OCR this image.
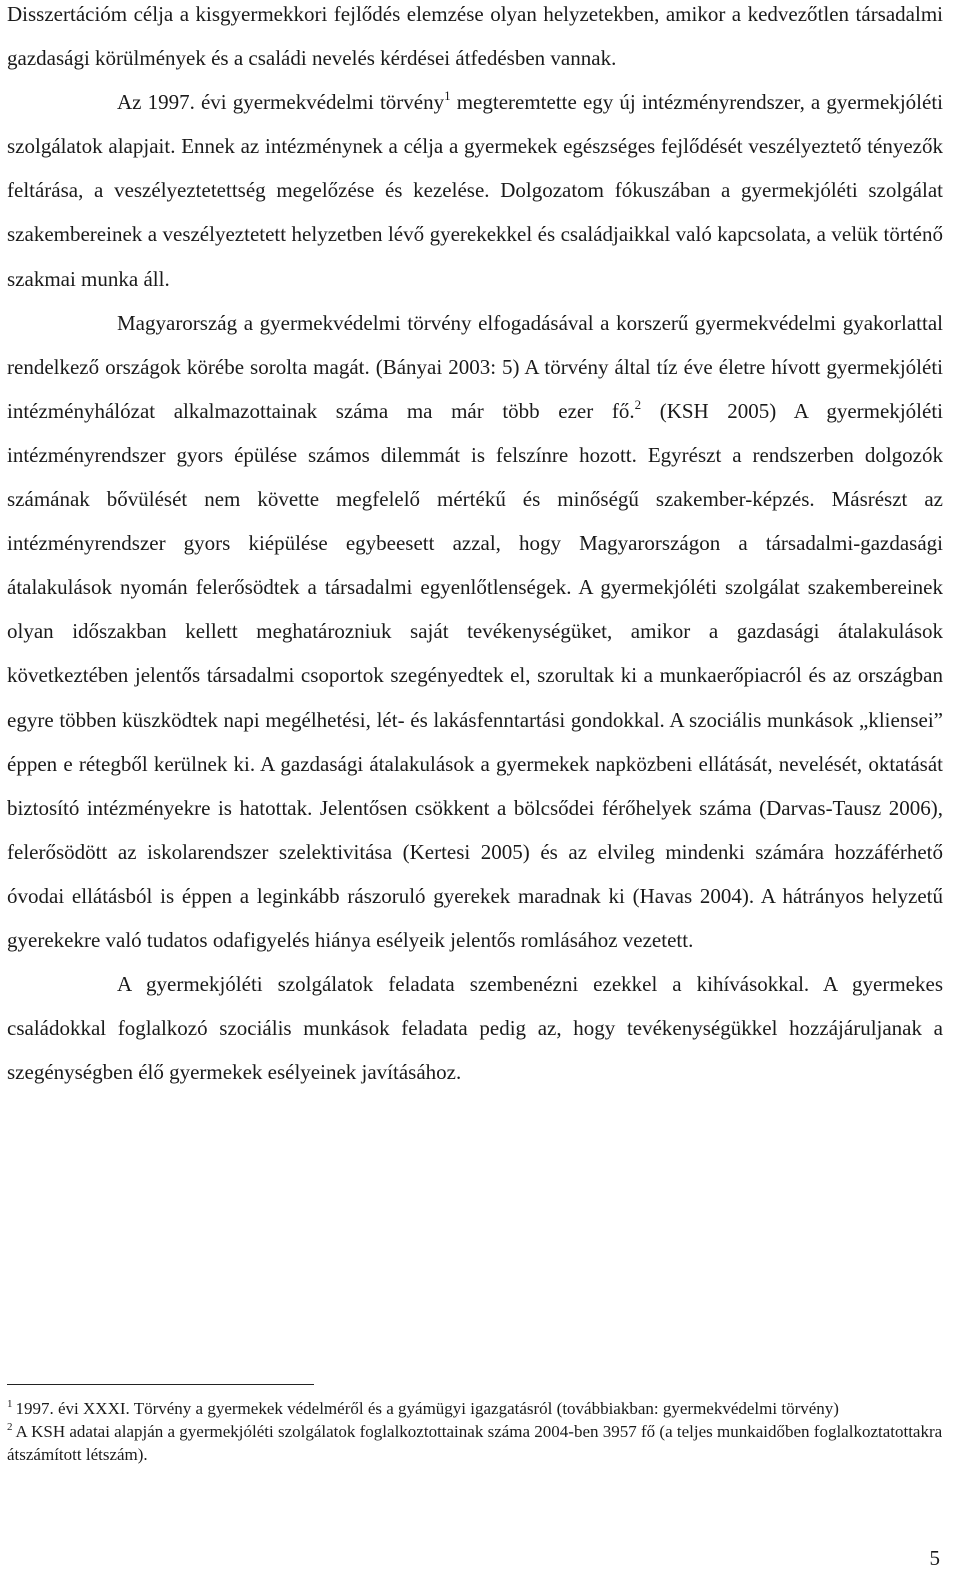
Disszertációm célja a kisgyermekkori fejlődés elemzése olyan helyzetekben, amikor a kedvezőtlen társadalmi gazdasági körülmények és a családi nevelés kérdései átfedésben vannak.

Az 1997. évi gyermekvédelmi törvény$^1$ megteremtette egy új intézményrendszer, a gyermekjóléti szolgálatok alapjait. Ennek az intézménynek a célja a gyermekek egészséges fejlődését veszélyeztető tényezők feltárása, a veszélyeztetettség megelőzése és kezelése. Dolgozatom fókuszában a gyermekjóléti szolgálat szakembereinek a veszélyeztetett helyzetben lévő gyerekekkel és családjaikkal való kapcsolata, a velük történő szakmai munka áll.

Magyarország a gyermekvédelmi törvény elfogadásával a korszerű gyermekvédelmi gyakorlattal rendelkező országok körébe sorolta magát. (Bányai 2003: 5) A törvény által tíz éve életre hívott gyermekjóléti intézményhálózat alkalmazottainak száma ma már több ezer fő.$^2$ (KSH 2005) A gyermekjóléti intézményrendszer gyors épülése számos dilemmát is felszínre hozott. Egyrészt a rendszerben dolgozók számának bővülését nem követte megfelelő mértékű és minőségű szakember-képzés. Másrészt az intézményrendszer gyors kiépülése egybeesett azzal, hogy Magyarországon a társadalmi-gazdasági átalakulások nyomán felerősödtek a társadalmi egyenlőtlenségek. A gyermekjóléti szolgálat szakembereinek olyan időszakban kellett meghatározniuk saját tevékenységüket, amikor a gazdasági átalakulások következtében jelentős társadalmi csoportok szegényedtek el, szorultak ki a munkaerőpiacról és az országban egyre többen küszködtek napi megélhetési, lét- és lakásfenntartási gondokkal. A szociális munkások „kliensei” éppen e rétegből kerülnek ki. A gazdasági átalakulások a gyermekek napközbeni ellátását, nevelését, oktatását biztosító intézményekre is hatottak. Jelentősen csökkent a bölcsődei férőhelyek száma (Darvas-Tausz 2006), felerősödött az iskolarendszer szelektivitása (Kertesi 2005) és az elvileg mindenki számára hozzáférhető óvodai ellátásból is éppen a leginkább rászoruló gyerekek maradnak ki (Havas 2004). A hátrányos helyzetű gyerekekre való tudatos odafigyelés hiánya esélyeik jelentős romlásához vezetett.

A gyermekjóléti szolgálatok feladata szembenézni ezekkel a kihívásokkal. A gyermekes családokkal foglalkozó szociális munkások feladata pedig az, hogy tevékenységükkel hozzájáruljanak a szegénységben élő gyermekek esélyeinek javításához.

$^1$ 1997. évi XXXI. Törvény a gyermekek védelméről és a gyámügyi igazgatásról (továbbiakban: gyermekvédelmi törvény)

$^2$ A KSH adatai alapján a gyermekjóléti szolgálatok foglalkoztottainak száma 2004-ben 3957 fő (a teljes munkaidőben foglalkoztatottakra átszámított létszám).

5
